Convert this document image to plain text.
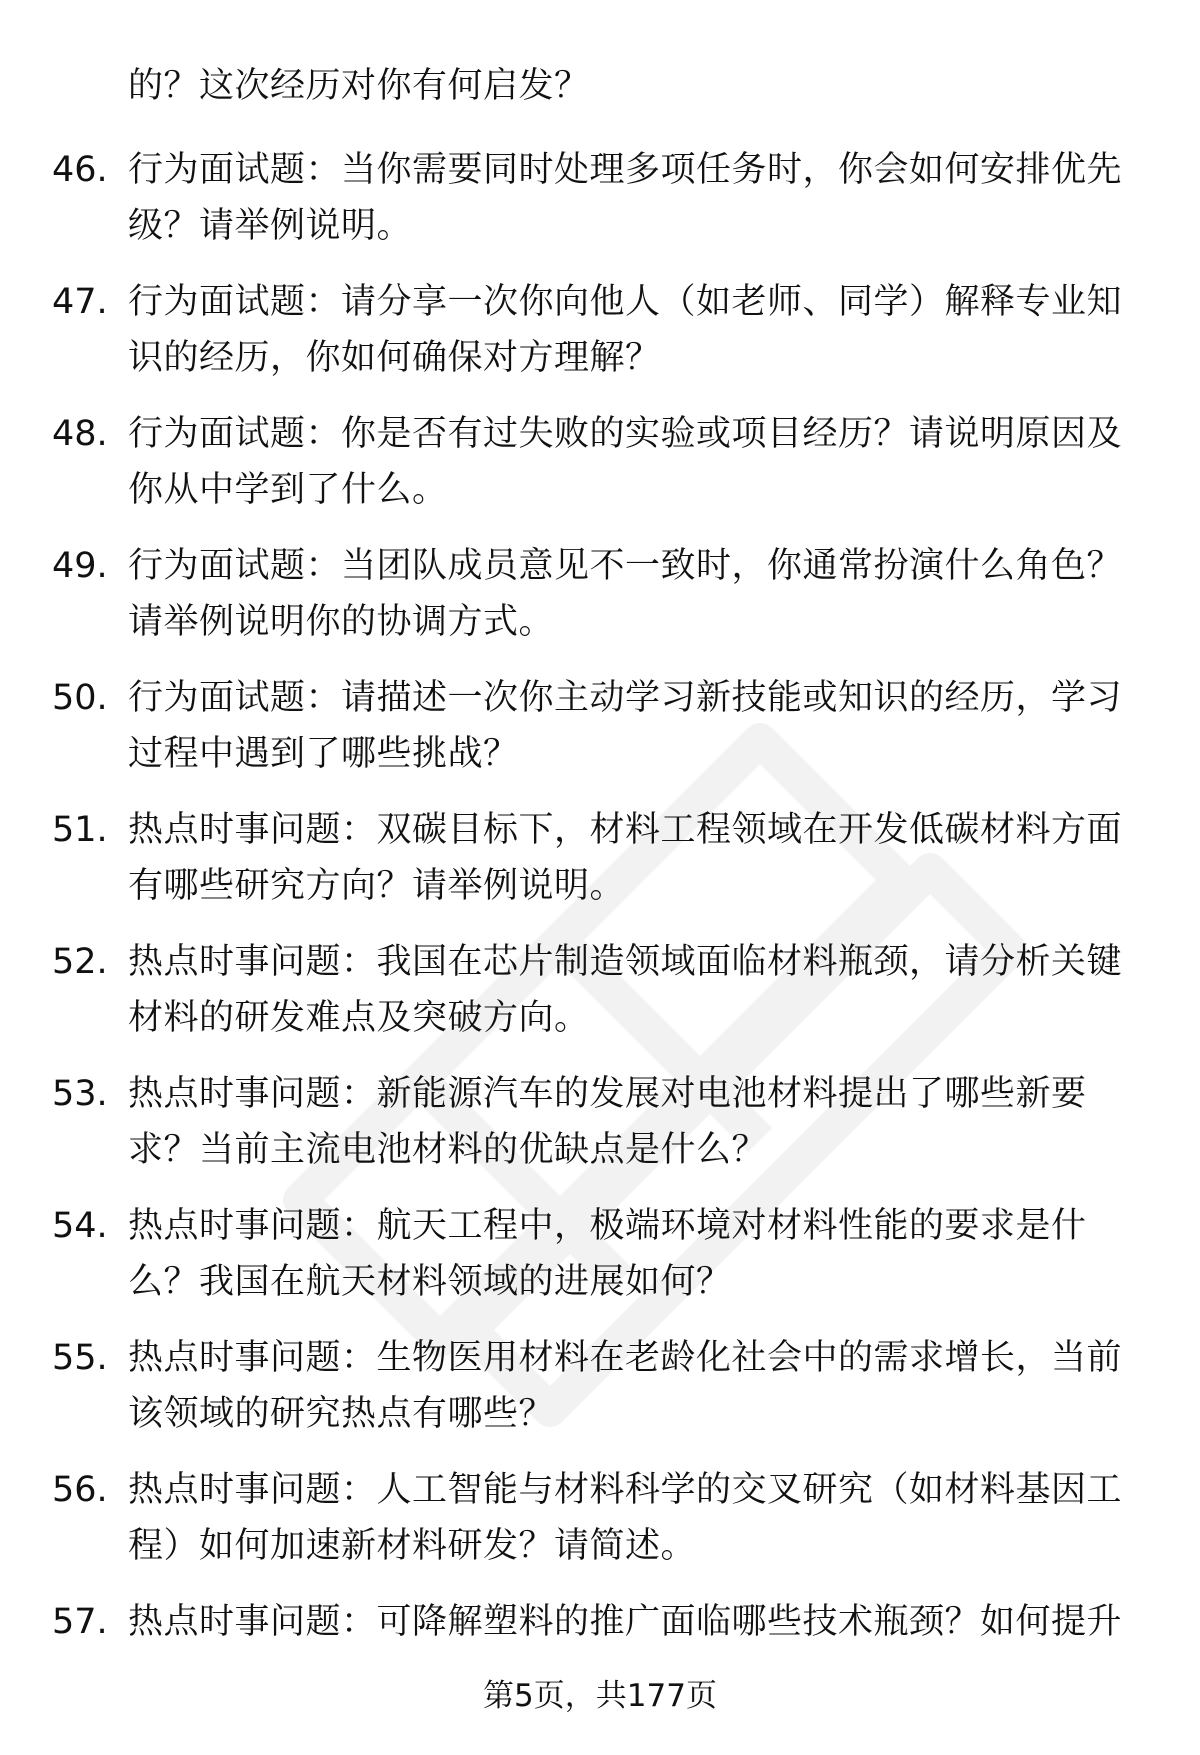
的？这次经历对你有何启发？
46. 行为面试题：当你需要同时处理多项任务时，你会如何安排优先级？请举例说明。
47. 行为面试题：请分享一次你向他人（如老师、同学）解释专业知识的经历，你如何确保对方理解？
48. 行为面试题：你是否有过失败的实验或项目经历？请说明原因及你从中学到了什么。
49. 行为面试题：当团队成员意见不一致时，你通常扮演什么角色？请举例说明你的协调方式。
50. 行为面试题：请描述一次你主动学习新技能或知识的经历，学习过程中遇到了哪些挑战？
51. 热点时事问题：双碳目标下，材料工程领域在开发低碳材料方面有哪些研究方向？请举例说明。
52. 热点时事问题：我国在芯片制造领域面临材料瓶颈，请分析关键材料的研发难点及突破方向。
53. 热点时事问题：新能源汽车的发展对电池材料提出了哪些新要求？当前主流电池材料的优缺点是什么？
54. 热点时事问题：航天工程中，极端环境对材料性能的要求是什么？我国在航天材料领域的进展如何？
55. 热点时事问题：生物医用材料在老龄化社会中的需求增长，当前该领域的研究热点有哪些？
56. 热点时事问题：人工智能与材料科学的交叉研究（如材料基因工程）如何加速新材料研发？请简述。
57. 热点时事问题：可降解塑料的推广面临哪些技术瓶颈？如何提升
第5页，共177页
